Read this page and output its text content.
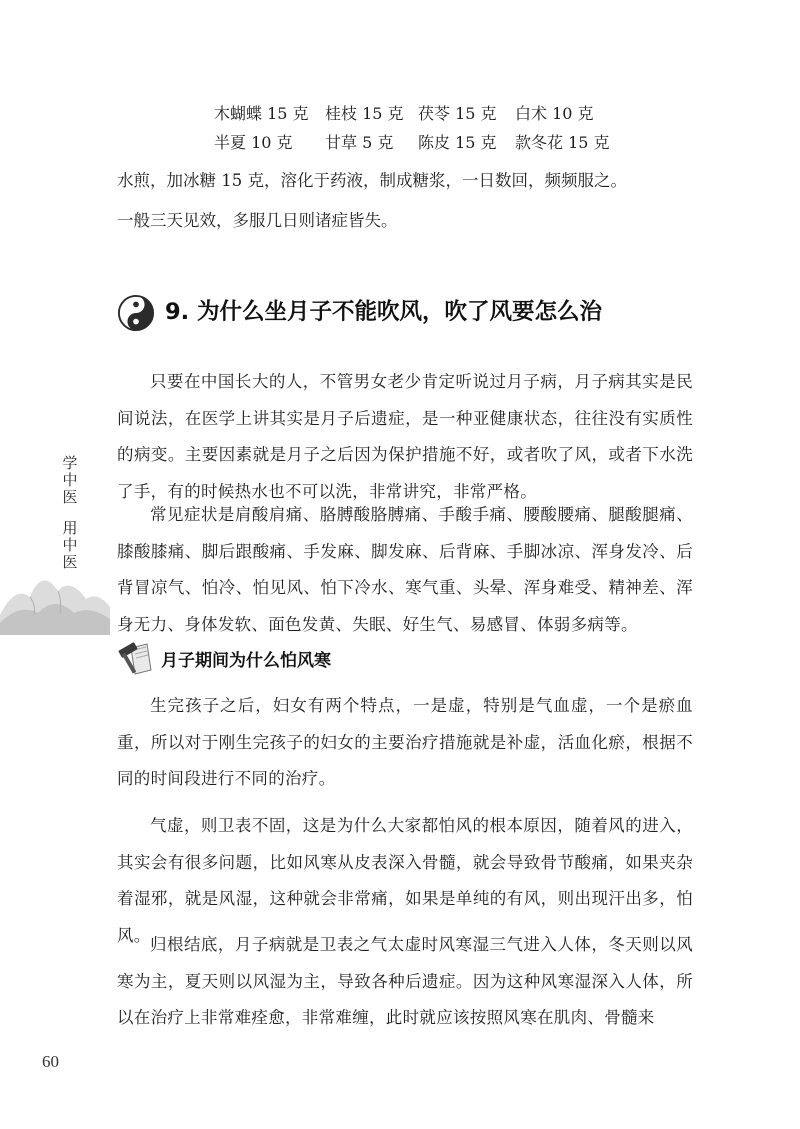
木蝴蝶 15 克 桂枝 15 克 茯苓 15 克 白术 10 克
半夏 10 克 甘草 5 克 陈皮 15 克 款冬花 15 克

水煎，加冰糖 15 克，溶化于药液，制成糖浆，一日数回，频频服之。

一般三天见效，多服几日则诸症皆失。

9. 为什么坐月子不能吹风，吹了风要怎么治

只要在中国长大的人，不管男女老少肯定听说过月子病，月子病其实是民间说法，在医学上讲其实是月子后遗症，是一种亚健康状态，往往没有实质性的病变。主要因素就是月子之后因为保护措施不好，或者吹了风，或者下水洗了手，有的时候热水也不可以洗，非常讲究，非常严格。

常见症状是肩酸肩痛、胳膊酸胳膊痛、手酸手痛、腰酸腰痛、腿酸腿痛、膝酸膝痛、脚后跟酸痛、手发麻、脚发麻、后背麻、手脚冰凉、浑身发冷、后背冒凉气、怕冷、怕见风、怕下冷水、寒气重、头晕、浑身难受、精神差、浑身无力、身体发软、面色发黄、失眠、好生气、易感冒、体弱多病等。

月子期间为什么怕风寒

生完孩子之后，妇女有两个特点，一是虚，特别是气血虚，一个是瘀血重，所以对于刚生完孩子的妇女的主要治疗措施就是补虚，活血化瘀，根据不同的时间段进行不同的治疗。

气虚，则卫表不固，这是为什么大家都怕风的根本原因，随着风的进入，其实会有很多问题，比如风寒从皮表深入骨髓，就会导致骨节酸痛，如果夹杂着湿邪，就是风湿，这种就会非常痛，如果是单纯的有风，则出现汗出多，怕风。 归根结底，月子病就是卫表之气太虚时风寒湿三气进入人体，冬天则以风寒为主，夏天则以风湿为主，导致各种后遗症。因为这种风寒湿深入人体，所以在治疗上非常难痊愈，非常难缠，此时就应该按照风寒在肌肉、骨髓来

学
中
医
用
中
医
60
